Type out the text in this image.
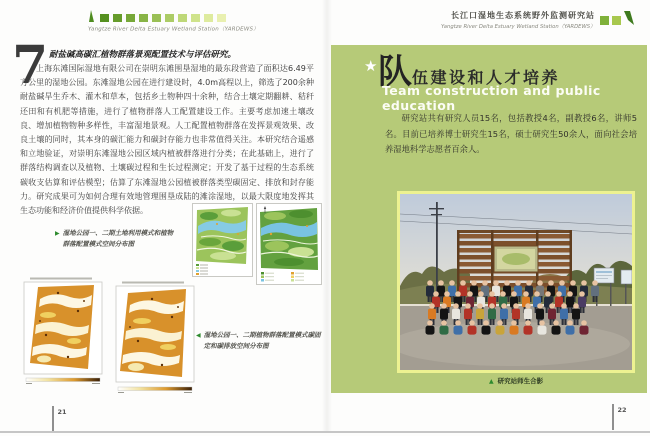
Yangtze River Delta Estuary Wetland Station（YARDEWS）
长江口湿地生态系统野外监测研究站
Yangtze River Delta Estuary Wetland Station（YARDEWS）
7 耐盐碱高碳汇植物群落景观配置技术与评估研究。

上海东滩国际湿地有限公司在崇明东滩围垦湿地的最东段营造了面积达6.49平方公里的湿地公园。东滩湿地公园在进行建设时，4.0m高程以上，筛选了200余种耐盐碱旱生乔木、灌木和草本，包括乡土物种四十余种，结合土壤定期翻耕、秸秆还田和有机肥等措施，进行了植物群落人工配置建设工作。主要考虑加速土壤改良、增加植物物种多样性，丰富湿地景观。人工配置植物群落在发挥景观效果、改良土壤的同时，其本身的碳汇能力和碳封存能力也非常值得关注。本研究结合遥感和立地验证，对崇明东滩湿地公园区域内植被群落进行分类；在此基础上，进行了群落结构调查以及植物、土壤碳过程和生长过程测定；开发了基于过程的生态系统碳收支估算和评估模型；估算了东滩湿地公园植被群落类型碳固定、排放和封存能力。研究成果可为如何合理有效地管理围垦成陆的滩涂湿地，以最大限度地发挥其生态功能和经济价值提供科学依据。

▶ 湿地公园一、二期土地利用模式和植物群落配置模式空间分布图
◀ 湿地公园一、二期植物群落配置模式碳固定和碳排放空间分布图
21
★ 队 伍建设和人才培养
Team construction and public education

研究站共有研究人员15名，包括教授4名，副教授6名，讲师5名。目前已培养博士研究生15名，硕士研究生50余人，面向社会培养湿地科学志愿者百余人。

▲ 研究站师生合影
22
